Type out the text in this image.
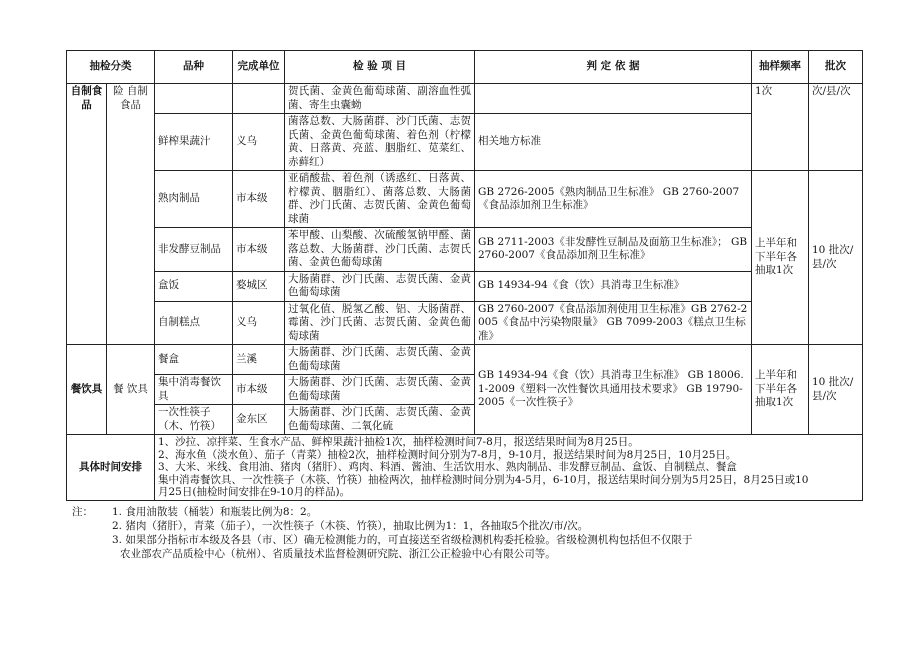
抽检分类		品种	完成单位	检 验 项 目	判 定 依 据	抽样频率	批次
自制食品	险 自制 食品			贺氏菌、金黄色葡萄球菌、副溶血性弧菌、寄生虫囊蚴		1次	次/县/次
		鲜榨果蔬汁	义乌	菌落总数、大肠菌群、沙门氏菌、志贺氏菌、金黄色葡萄球菌、着色剂（柠檬黄、日落黄、亮蓝、胭脂红、苋菜红、赤藓红）	相关地方标准		
		熟肉制品	市本级	亚硝酸盐、着色剂（诱惑红、日落黄、柠檬黄、胭脂红）、菌落总数、大肠菌群、沙门氏菌、志贺氏菌、金黄色葡萄球菌	GB 2726-2005《熟肉制品卫生标准》 GB 2760-2007《食品添加剂卫生标准》	上半年和下半年各抽取1次	10 批次/县/次
		非发酵豆制品	市本级	苯甲酸、山梨酸、次硫酸氢钠甲醛、菌落总数、大肠菌群、沙门氏菌、志贺氏菌、金黄色葡萄球菌	GB 2711-2003《非发酵性豆制品及面筋卫生标准》； GB 2760-2007《食品添加剂卫生标准》		
		盒饭	婺城区	大肠菌群、沙门氏菌、志贺氏菌、金黄色葡萄球菌	GB 14934-94《食（饮）具消毒卫生标准》		
		自制糕点	义乌	过氧化值、脱氢乙酸、铝、大肠菌群、霉菌、沙门氏菌、志贺氏菌、金黄色葡萄球菌	GB 2760-2007《食品添加剂使用卫生标准》GB 2762-2005《食品中污染物限量》 GB 7099-2003《糕点卫生标准》		
餐饮具	餐 饮具	餐盒	兰溪	大肠菌群、沙门氏菌、志贺氏菌、金黄色葡萄球菌	GB 14934-94《食（饮）具消毒卫生标准》 GB 18006.1-2009《塑料一次性餐饮具通用技术要求》 GB 19790-2005《一次性筷子》	上半年和下半年各抽取1次	10 批次/县/次
		集中消毒餐饮具	市本级	大肠菌群、沙门氏菌、志贺氏菌、金黄色葡萄球菌			
		一次性筷子（木、竹筷）	金东区	大肠菌群、沙门氏菌、志贺氏菌、金黄色葡萄球菌、二氧化硫			
具体时间安排		1、沙拉、凉拌菜、生食水产品、鲜榨果蔬汁抽检1次，抽样检测时间7-8月，报送结果时间为8月25日。
2、海水鱼（淡水鱼）、茄子（青菜）抽检2次，抽样检测时间分别为7-8月，9-10月，报送结果时间为8月25日，10月25日。
3、大米、米线、食用油、猪肉（猪肝）、鸡肉、料酒、酱油、生活饮用水、熟肉制品、非发酵豆制品、盒饭、自制糕点、餐盒
集中消毒餐饮具、一次性筷子（木筷、竹筷）抽检两次，抽样检测时间分别为4-5月，6-10月，报送结果时间分别为5月25日，8月25日或10
月25日(抽检时间安排在9-10月的样品)。					
注：	1. 食用油散装（桶装）和瓶装比例为8：2。
2. 猪肉（猪肝），青菜（茄子），一次性筷子（木筷、竹筷），抽取比例为1：1，各抽取5个批次/市/次。
3. 如果部分指标市本级及各县（市、区）确无检测能力的，可直接送至省级检测机构委托检验。省级检测机构包括但不仅限于
农业部农产品质检中心（杭州）、省质量技术监督检测研究院、浙江公正检验中心有限公司等。
